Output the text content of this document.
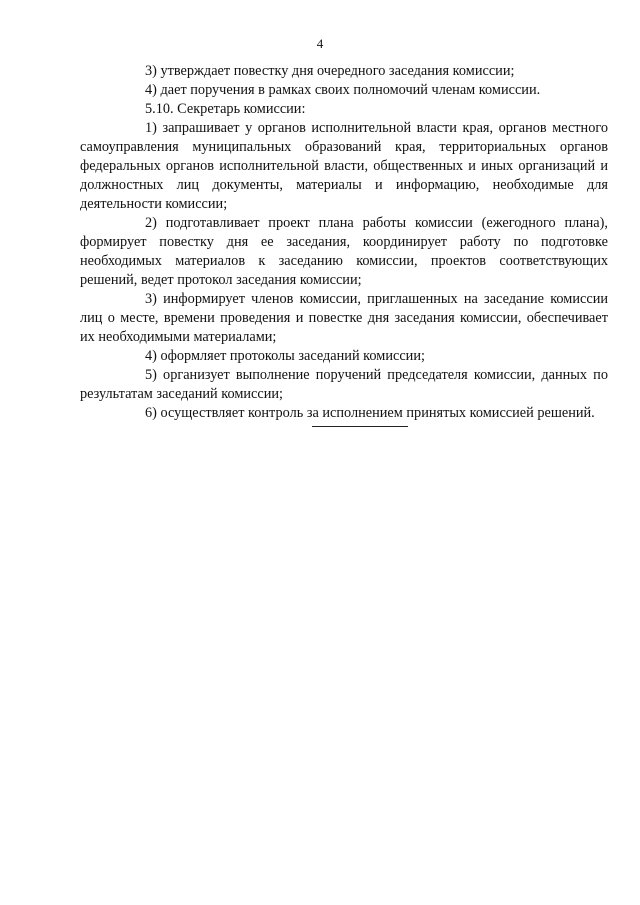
4

3) утверждает повестку дня очередного заседания комиссии;

4) дает поручения в рамках своих полномочий членам комиссии.

5.10. Секретарь комиссии:

1) запрашивает у органов исполнительной власти края, органов местного самоуправления муниципальных образований края, территориальных органов федеральных органов исполнительной власти, общественных и иных организаций и должностных лиц документы, материалы и информацию, необходимые для деятельности комиссии;

2) подготавливает проект плана работы комиссии (ежегодного плана), формирует повестку дня ее заседания, координирует работу по подготовке необходимых материалов к заседанию комиссии, проектов соответствующих решений, ведет протокол заседания комиссии;

3) информирует членов комиссии, приглашенных на заседание комиссии лиц о месте, времени проведения и повестке дня заседания комиссии, обеспечивает их необходимыми материалами;

4) оформляет протоколы заседаний комиссии;

5) организует выполнение поручений председателя комиссии, данных по результатам заседаний комиссии;

6) осуществляет контроль за исполнением принятых комиссией решений.
